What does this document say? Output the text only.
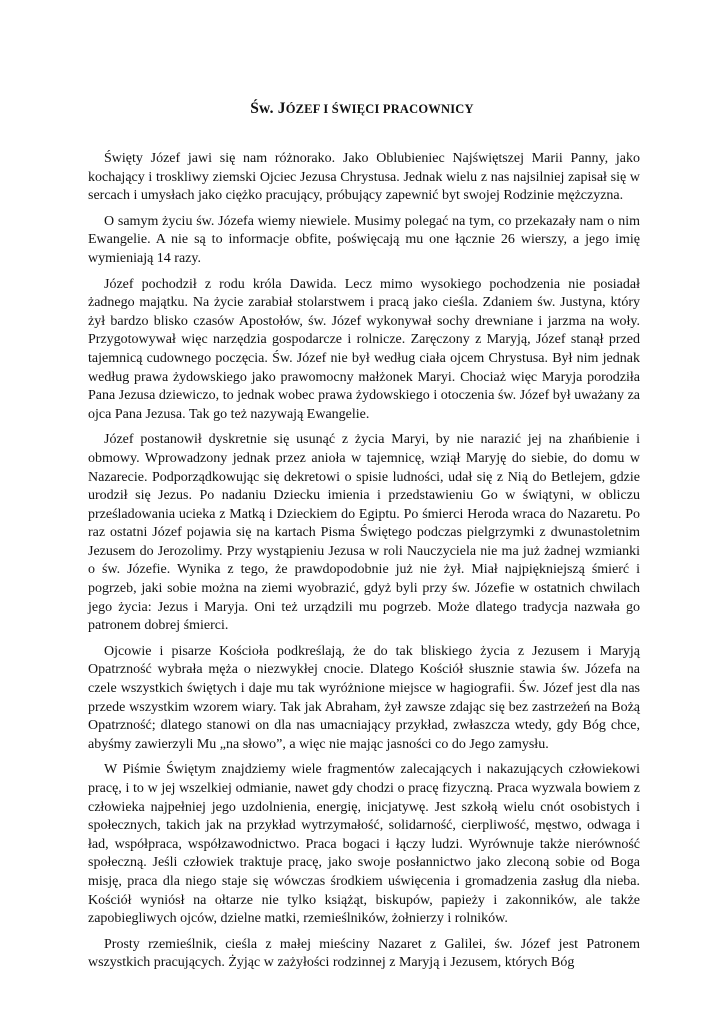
Św. JÓZEF I ŚWIĘCI PRACOWNICY

Święty Józef jawi się nam różnorako. Jako Oblubieniec Najświętszej Marii Panny, jako kochający i troskliwy ziemski Ojciec Jezusa Chrystusa. Jednak wielu z nas najsilniej zapisał się w sercach i umysłach jako ciężko pracujący, próbujący zapewnić byt swojej Rodzinie mężczyzna.

O samym życiu św. Józefa wiemy niewiele. Musimy polegać na tym, co przekazały nam o nim Ewangelie. A nie są to informacje obfite, poświęcają mu one łącznie 26 wierszy, a jego imię wymieniają 14 razy.

Józef pochodził z rodu króla Dawida. Lecz mimo wysokiego pochodzenia nie posiadał żadnego majątku. Na życie zarabiał stolarstwem i pracą jako cieśla. Zdaniem św. Justyna, który żył bardzo blisko czasów Apostołów, św. Józef wykonywał sochy drewniane i jarzma na woły. Przygotowywał więc narzędzia gospodarcze i rolnicze. Zaręczony z Maryją, Józef stanął przed tajemnicą cudownego poczęcia. Św. Józef nie był według ciała ojcem Chrystusa. Był nim jednak według prawa żydowskiego jako prawomocny małżonek Maryi. Chociaż więc Maryja porodziła Pana Jezusa dziewiczo, to jednak wobec prawa żydowskiego i otoczenia św. Józef był uważany za ojca Pana Jezusa. Tak go też nazywają Ewangelie.

Józef postanowił dyskretnie się usunąć z życia Maryi, by nie narazić jej na zhańbienie i obmowy. Wprowadzony jednak przez anioła w tajemnicę, wziął Maryję do siebie, do domu w Nazarecie. Podporządkowując się dekretowi o spisie ludności, udał się z Nią do Betlejem, gdzie urodził się Jezus. Po nadaniu Dziecku imienia i przedstawieniu Go w świątyni, w obliczu prześladowania ucieka z Matką i Dzieckiem do Egiptu. Po śmierci Heroda wraca do Nazaretu. Po raz ostatni Józef pojawia się na kartach Pisma Świętego podczas pielgrzymki z dwunastoletnim Jezusem do Jerozolimy. Przy wystąpieniu Jezusa w roli Nauczyciela nie ma już żadnej wzmianki o św. Józefie. Wynika z tego, że prawdopodobnie już nie żył. Miał najpiękniejszą śmierć i pogrzeb, jaki sobie można na ziemi wyobrazić, gdyż byli przy św. Józefie w ostatnich chwilach jego życia: Jezus i Maryja. Oni też urządzili mu pogrzeb. Może dlatego tradycja nazwała go patronem dobrej śmierci.

Ojcowie i pisarze Kościoła podkreślają, że do tak bliskiego życia z Jezusem i Maryją Opatrzność wybrała męża o niezwykłej cnocie. Dlatego Kościół słusznie stawia św. Józefa na czele wszystkich świętych i daje mu tak wyróżnione miejsce w hagiografii. Św. Józef jest dla nas przede wszystkim wzorem wiary. Tak jak Abraham, żył zawsze zdając się bez zastrzeżeń na Bożą Opatrzność; dlatego stanowi on dla nas umacniający przykład, zwłaszcza wtedy, gdy Bóg chce, abyśmy zawierzyli Mu „na słowo”, a więc nie mając jasności co do Jego zamysłu.

W Piśmie Świętym znajdziemy wiele fragmentów zalecających i nakazujących człowiekowi pracę, i to w jej wszelkiej odmianie, nawet gdy chodzi o pracę fizyczną. Praca wyzwala bowiem z człowieka najpełniej jego uzdolnienia, energię, inicjatywę. Jest szkołą wielu cnót osobistych i społecznych, takich jak na przykład wytrzymałość, solidarność, cierpliwość, męstwo, odwaga i ład, współpraca, współzawodnictwo. Praca bogaci i łączy ludzi. Wyrównuje także nierówność społeczną. Jeśli człowiek traktuje pracę, jako swoje posłannictwo jako zleconą sobie od Boga misję, praca dla niego staje się wówczas środkiem uświęcenia i gromadzenia zasług dla nieba. Kościół wyniósł na ołtarze nie tylko książąt, biskupów, papieży i zakonników, ale także zapobiegliwych ojców, dzielne matki, rzemieślników, żołnierzy i rolników.

Prosty rzemieślnik, cieśla z małej mieściny Nazaret z Galilei, św. Józef jest Patronem wszystkich pracujących. Żyjąc w zażyłości rodzinnej z Maryją i Jezusem, których Bóg
